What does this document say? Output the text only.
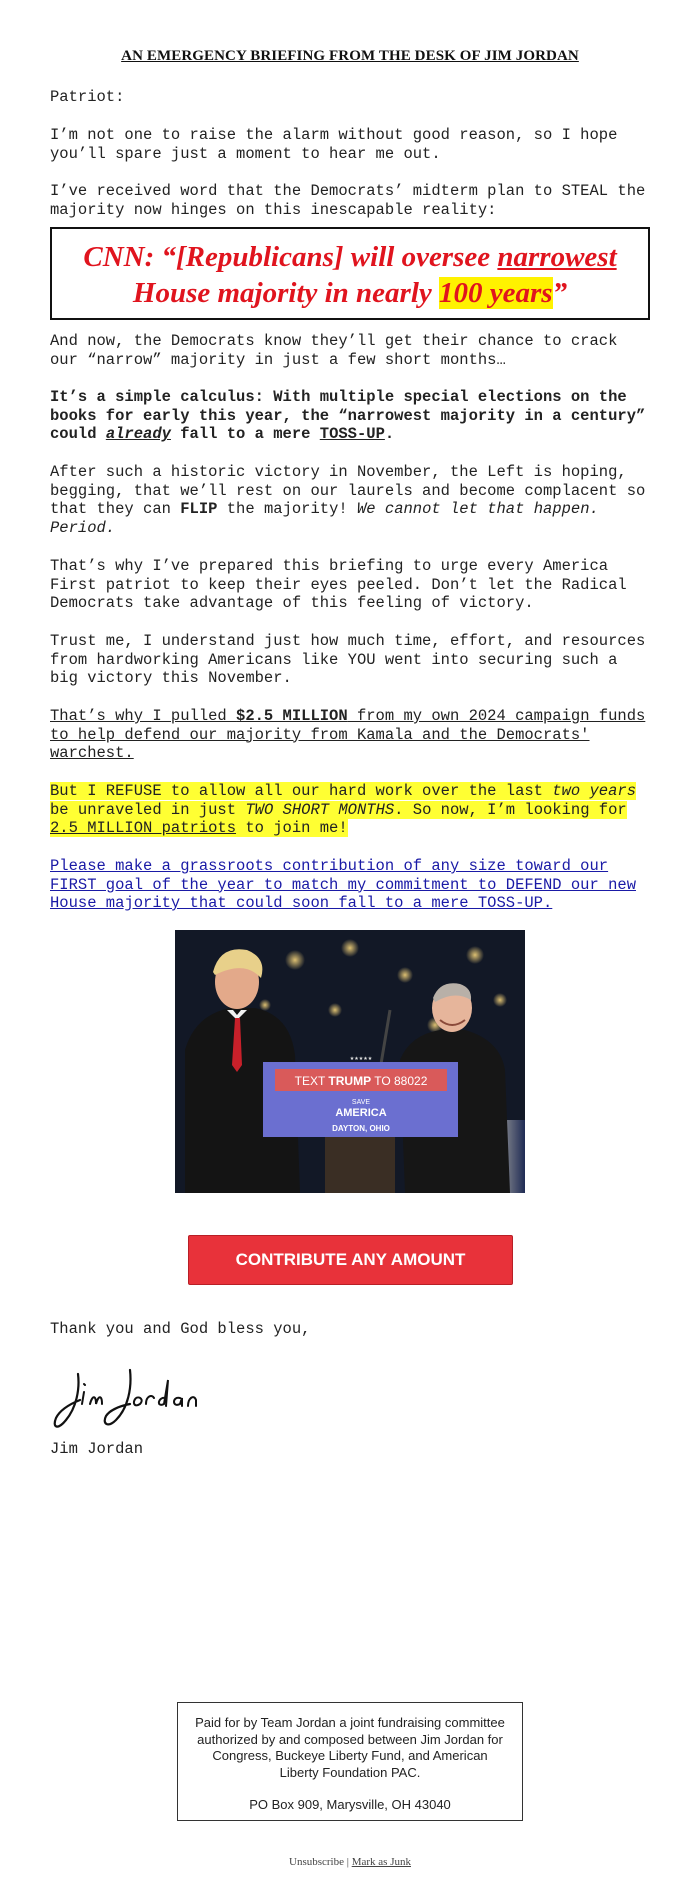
AN EMERGENCY BRIEFING FROM THE DESK OF JIM JORDAN
Patriot:
I’m not one to raise the alarm without good reason, so I hope you’ll spare just a moment to hear me out.
I’ve received word that the Democrats’ midterm plan to STEAL the majority now hinges on this inescapable reality:
CNN: “[Republicans] will oversee narrowest House majority in nearly 100 years”
And now, the Democrats know they’ll get their chance to crack our “narrow” majority in just a few short months…
It’s a simple calculus: With multiple special elections on the books for early this year, the “narrowest majority in a century” could already fall to a mere TOSS-UP.
After such a historic victory in November, the Left is hoping, begging, that we’ll rest on our laurels and become complacent so that they can FLIP the majority! We cannot let that happen. Period.
That’s why I’ve prepared this briefing to urge every America First patriot to keep their eyes peeled. Don’t let the Radical Democrats take advantage of this feeling of victory.
Trust me, I understand just how much time, effort, and resources from hardworking Americans like YOU went into securing such a big victory this November.
That’s why I pulled $2.5 MILLION from my own 2024 campaign funds to help defend our majority from Kamala and the Democrats' warchest.
But I REFUSE to allow all our hard work over the last two years be unraveled in just TWO SHORT MONTHS. So now, I’m looking for 2.5 MILLION patriots to join me!
Please make a grassroots contribution of any size toward our FIRST goal of the year to match my commitment to DEFEND our new House majority that could soon fall to a mere TOSS-UP.
TEXT TRUMP TO 88022
SAVE
AMERICA
DAYTON, OHIO
★★★★★
CONTRIBUTE ANY AMOUNT
Thank you and God bless you,
Jim Jordan
Paid for by Team Jordan a joint fundraising committee authorized by and composed between Jim Jordan for Congress, Buckeye Liberty Fund, and American Liberty Foundation PAC.
PO Box 909, Marysville, OH 43040
Unsubscribe | Mark as Junk
